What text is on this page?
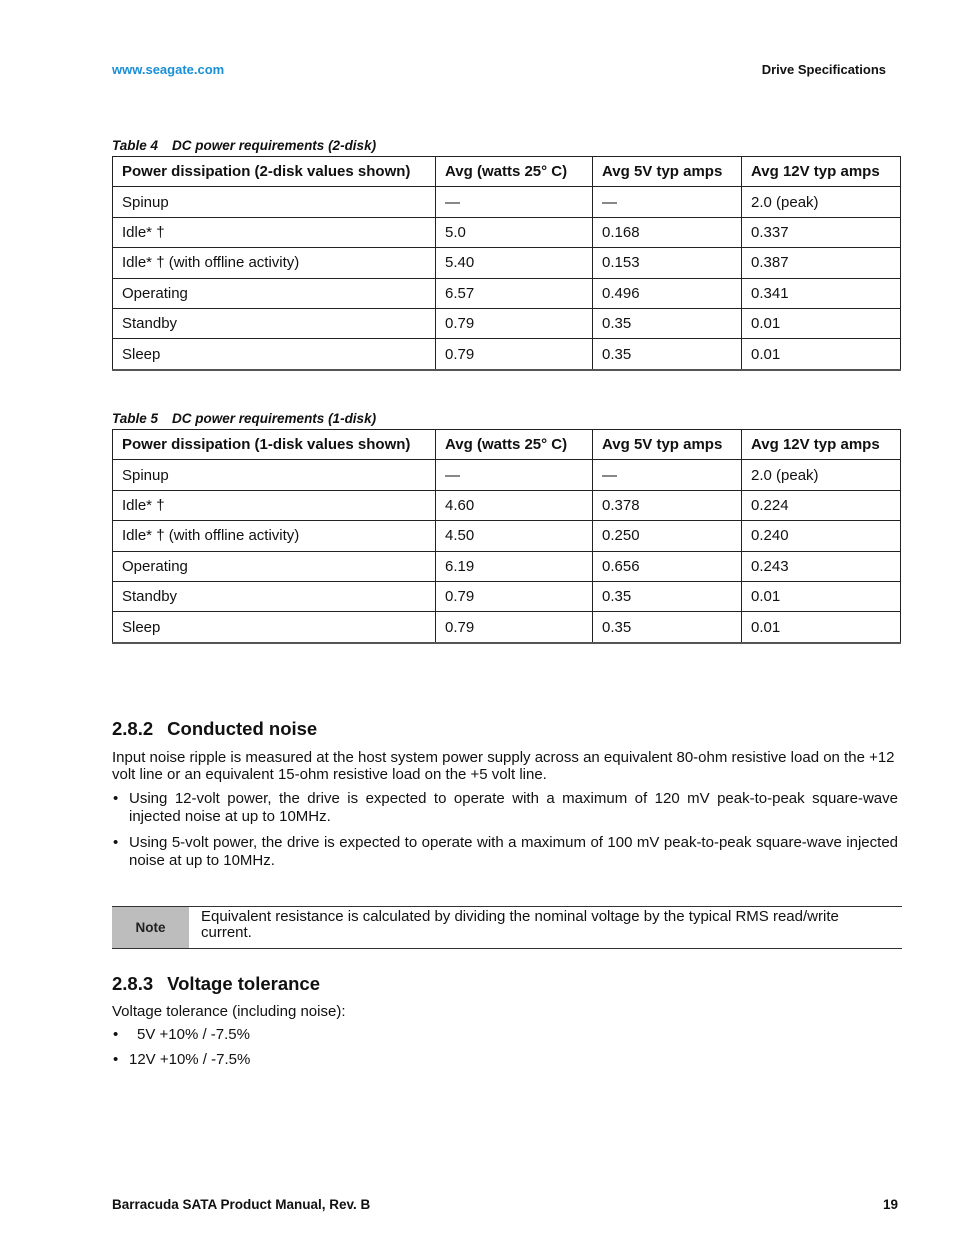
www.seagate.com	Drive Specifications
Table 4 DC power requirements (2-disk)
Power dissipation (2-disk values shown)	Avg (watts 25° C)	Avg 5V typ amps	Avg 12V typ amps
Spinup	—	—	2.0 (peak)
Idle* †	5.0	0.168	0.337
Idle* † (with offline activity)	5.40	0.153	0.387
Operating	6.57	0.496	0.341
Standby	0.79	0.35	0.01
Sleep	0.79	0.35	0.01
Table 5 DC power requirements (1-disk)
Power dissipation (1-disk values shown)	Avg (watts 25° C)	Avg 5V typ amps	Avg 12V typ amps
Spinup	—	—	2.0 (peak)
Idle* †	4.60	0.378	0.224
Idle* † (with offline activity)	4.50	0.250	0.240
Operating	6.19	0.656	0.243
Standby	0.79	0.35	0.01
Sleep	0.79	0.35	0.01
2.8.2 Conducted noise

Input noise ripple is measured at the host system power supply across an equivalent 80-ohm resistive load on the +12 volt line or an equivalent 15-ohm resistive load on the +5 volt line.

• Using 12-volt power, the drive is expected to operate with a maximum of 120 mV peak-to-peak square-wave injected noise at up to 10MHz.
• Using 5-volt power, the drive is expected to operate with a maximum of 100 mV peak-to-peak square-wave injected noise at up to 10MHz.
Note
Equivalent resistance is calculated by dividing the nominal voltage by the typical RMS read/write current.
2.8.3 Voltage tolerance

Voltage tolerance (including noise):

• 5V +10% / -7.5%
• 12V +10% / -7.5%
Barracuda SATA Product Manual, Rev. B	19
